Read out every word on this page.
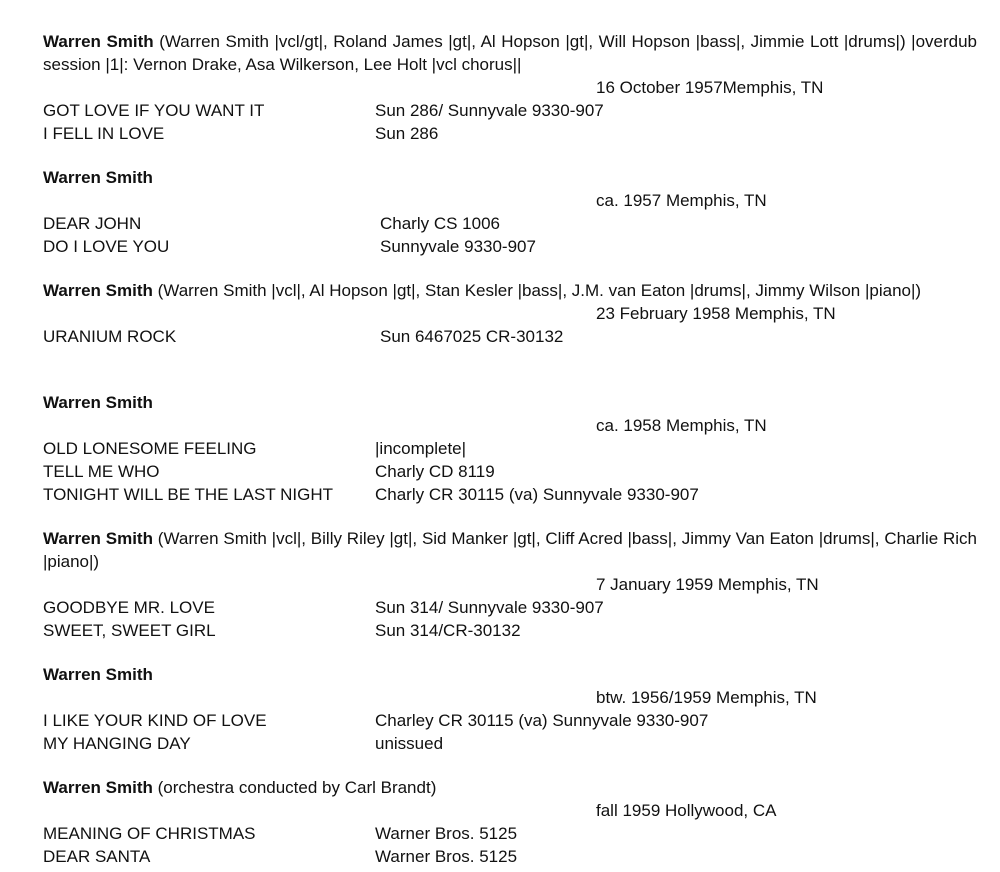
Warren Smith (Warren Smith |vcl/gt|, Roland James |gt|, Al Hopson |gt|, Will Hopson |bass|, Jimmie Lott |drums|) |overdub session |1|: Vernon Drake, Asa Wilkerson, Lee Holt |vcl chorus||
16 October 1957Memphis, TN
GOT LOVE IF YOU WANT IT	Sun 286/ Sunnyvale 9330-907
I FELL IN LOVE	Sun 286
Warren Smith
ca. 1957 Memphis, TN
DEAR JOHN	Charly CS 1006
DO I LOVE YOU	Sunnyvale 9330-907
Warren Smith (Warren Smith |vcl|, Al Hopson |gt|, Stan Kesler |bass|, J.M. van Eaton |drums|, Jimmy Wilson |piano|)
23 February 1958 Memphis, TN
URANIUM ROCK	Sun 6467025 CR-30132
Warren Smith
ca. 1958 Memphis, TN
OLD LONESOME FEELING	|incomplete|
TELL ME WHO	Charly CD 8119
TONIGHT WILL BE THE LAST NIGHT Charly CR 30115 (va) Sunnyvale 9330-907
Warren Smith (Warren Smith |vcl|, Billy Riley |gt|, Sid Manker |gt|, Cliff Acred |bass|, Jimmy Van Eaton |drums|, Charlie Rich |piano|)
7 January 1959 Memphis, TN
GOODBYE MR. LOVE	Sun 314/ Sunnyvale 9330-907
SWEET, SWEET GIRL	Sun 314/CR-30132
Warren Smith
btw. 1956/1959 Memphis, TN
I LIKE YOUR KIND OF LOVE	Charley CR 30115 (va) Sunnyvale 9330-907
MY HANGING DAY	unissued
Warren Smith (orchestra conducted by Carl Brandt)
fall 1959 Hollywood, CA
MEANING OF CHRISTMAS	Warner Bros. 5125
DEAR SANTA	Warner Bros. 5125
